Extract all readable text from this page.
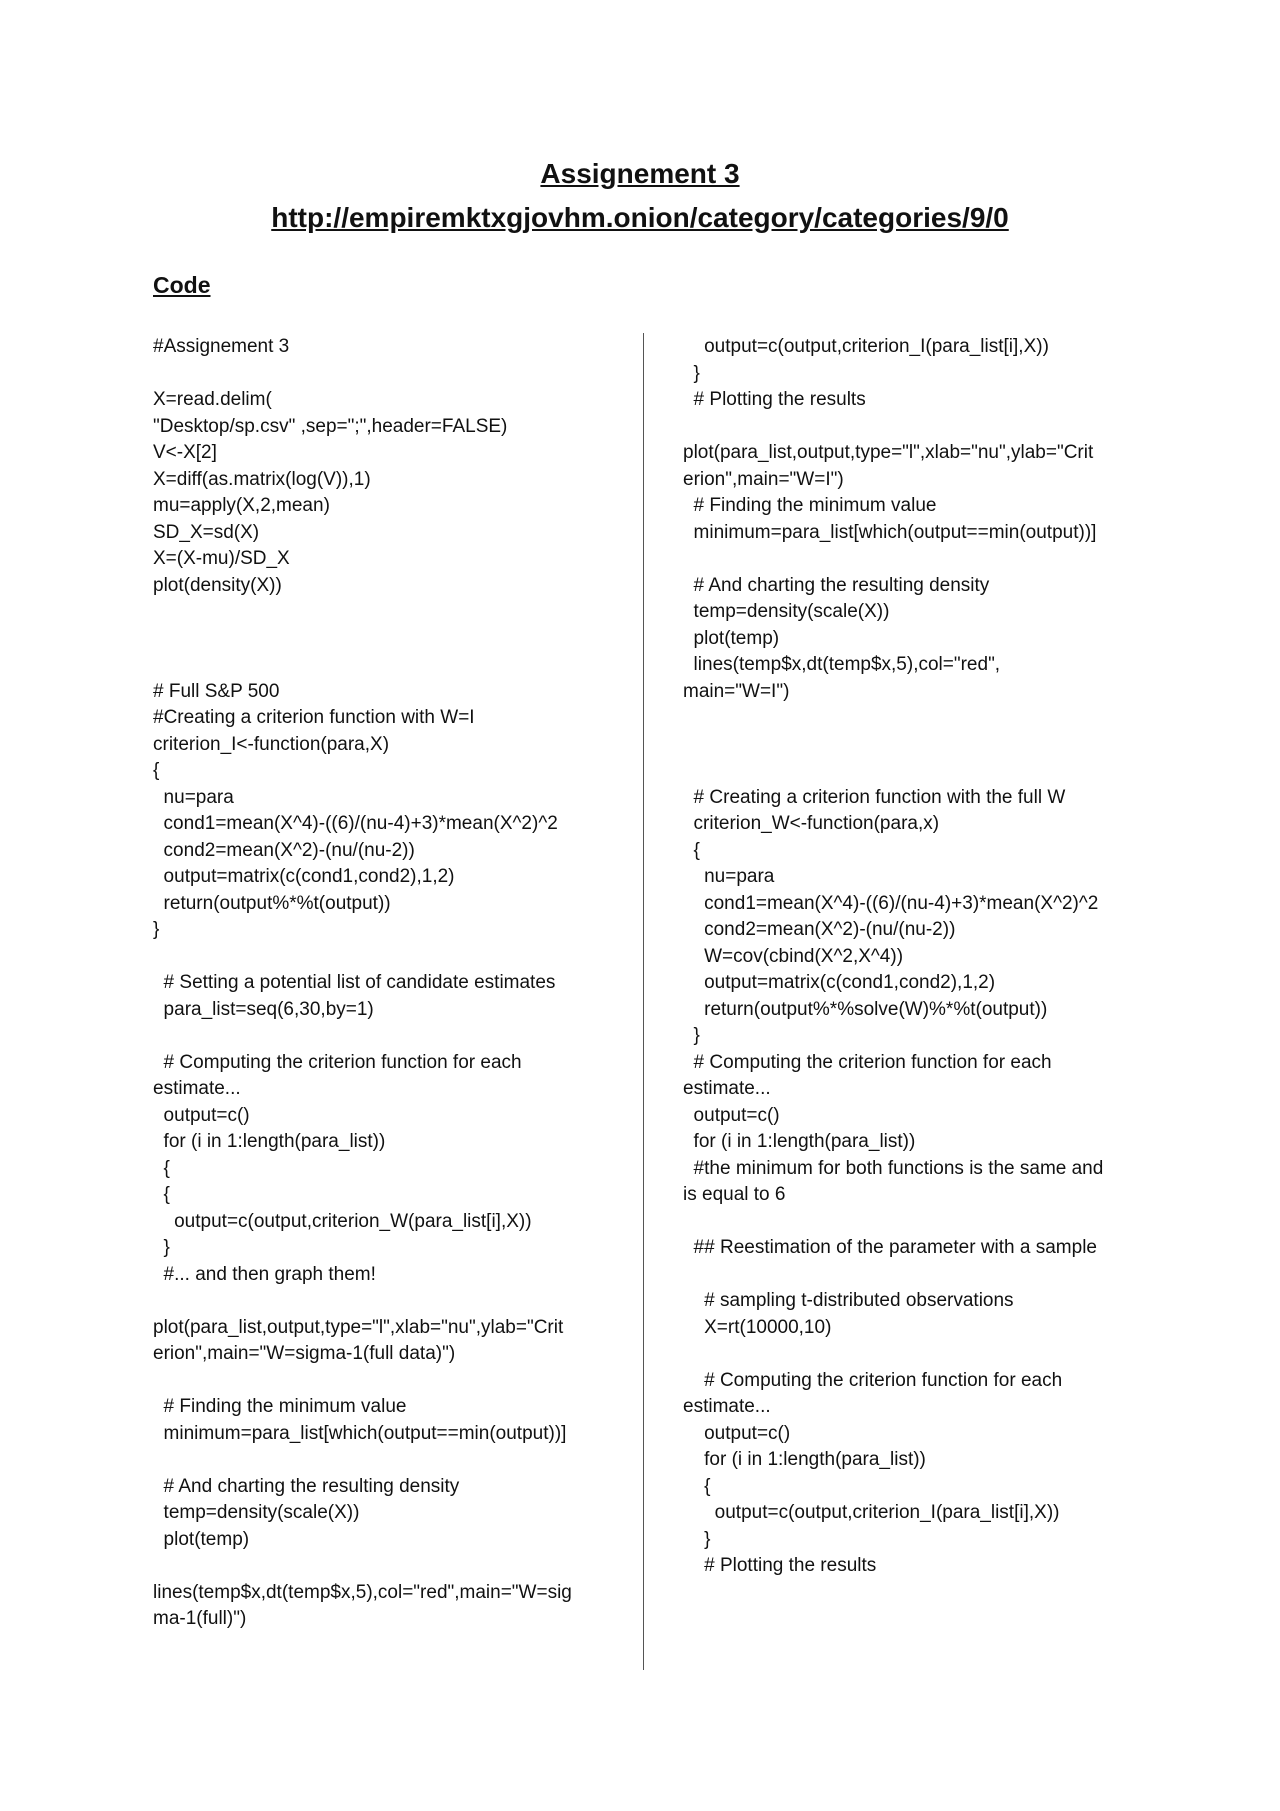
Assignement 3
http://empiremktxgjovhm.onion/category/categories/9/0
Code
#Assignement 3
X=read.delim(
"Desktop/sp.csv" ,sep=";",header=FALSE)
V<-X[2]
X=diff(as.matrix(log(V)),1)
mu=apply(X,2,mean)
SD_X=sd(X)
X=(X-mu)/SD_X
plot(density(X))
# Full S&P 500
#Creating a criterion function with W=I
criterion_I<-function(para,X)
{
nu=para
cond1=mean(X^4)-((6)/(nu-4)+3)*mean(X^2)^2
cond2=mean(X^2)-(nu/(nu-2))
output=matrix(c(cond1,cond2),1,2)
return(output%*%t(output))
}
# Setting a potential list of candidate estimates
para_list=seq(6,30,by=1)
# Computing the criterion function for each
estimate...
output=c()
for (i in 1:length(para_list))
{
{
output=c(output,criterion_W(para_list[i],X))
}
#... and then graph them!
plot(para_list,output,type="l",xlab="nu",ylab="Crit
erion",main="W=sigma-1(full data)")
# Finding the minimum value
minimum=para_list[which(output==min(output))]
# And charting the resulting density
temp=density(scale(X))
plot(temp)
lines(temp$x,dt(temp$x,5),col="red",main="W=sig
ma-1(full)")
output=c(output,criterion_I(para_list[i],X))
}
# Plotting the results
plot(para_list,output,type="l",xlab="nu",ylab="Crit
erion",main="W=I")
# Finding the minimum value
minimum=para_list[which(output==min(output))]
# And charting the resulting density
temp=density(scale(X))
plot(temp)
lines(temp$x,dt(temp$x,5),col="red",
main="W=I")
# Creating a criterion function with the full W
criterion_W<-function(para,x)
{
nu=para
cond1=mean(X^4)-((6)/(nu-4)+3)*mean(X^2)^2
cond2=mean(X^2)-(nu/(nu-2))
W=cov(cbind(X^2,X^4))
output=matrix(c(cond1,cond2),1,2)
return(output%*%solve(W)%*%t(output))
}
# Computing the criterion function for each
estimate...
output=c()
for (i in 1:length(para_list))
#the minimum for both functions is the same and
is equal to 6
## Reestimation of the parameter with a sample
# sampling t-distributed observations
X=rt(10000,10)
# Computing the criterion function for each
estimate...
output=c()
for (i in 1:length(para_list))
{
output=c(output,criterion_I(para_list[i],X))
}
# Plotting the results
